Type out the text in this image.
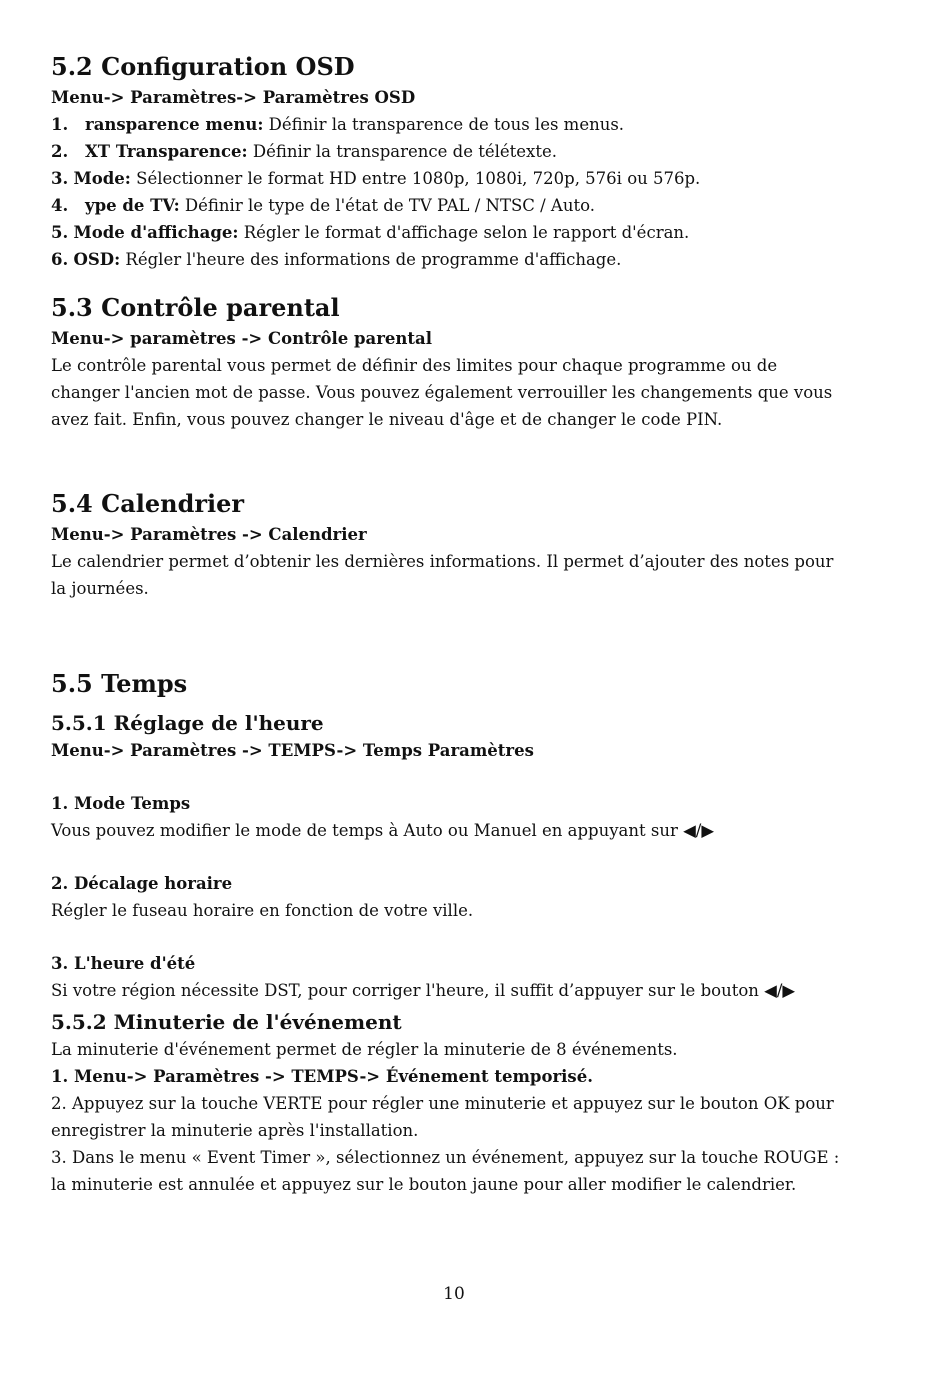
5.2 Configuration OSD

Menu-> Paramètres-> Paramètres OSD

1. ransparence menu: Définir la transparence de tous les menus.

2. XT Transparence: Définir la transparence de télétexte.

3. Mode: Sélectionner le format HD entre 1080p, 1080i, 720p, 576i ou 576p.

4. ype de TV: Définir le type de l'état de TV PAL / NTSC / Auto.

5. Mode d'affichage: Régler le format d'affichage selon le rapport d'écran.

6. OSD: Régler l'heure des informations de programme d'affichage.

5.3 Contrôle parental

Menu-> paramètres -> Contrôle parental

Le contrôle parental vous permet de définir des limites pour chaque programme ou de

changer l'ancien mot de passe. Vous pouvez également verrouiller les changements que vous

avez fait. Enfin, vous pouvez changer le niveau d'âge et de changer le code PIN.

5.4 Calendrier

Menu-> Paramètres -> Calendrier

Le calendrier permet d’obtenir les dernières informations. Il permet d’ajouter des notes pour

la journées.

5.5 Temps
5.5.1 Réglage de l'heure

Menu-> Paramètres -> TEMPS-> Temps Paramètres

1. Mode Temps

Vous pouvez modifier le mode de temps à Auto ou Manuel en appuyant sur ◀/▶

2. Décalage horaire

Régler le fuseau horaire en fonction de votre ville.

3. L'heure d'été

Si votre région nécessite DST, pour corriger l'heure, il suffit d’appuyer sur le bouton ◀/▶

5.5.2 Minuterie de l'événement

La minuterie d'événement permet de régler la minuterie de 8 événements.

1. Menu-> Paramètres -> TEMPS-> Événement temporisé.

2. Appuyez sur la touche VERTE pour régler une minuterie et appuyez sur le bouton OK pour

enregistrer la minuterie après l'installation.

3. Dans le menu « Event Timer », sélectionnez un événement, appuyez sur la touche ROUGE :

la minuterie est annulée et appuyez sur le bouton jaune pour aller modifier le calendrier.

10
